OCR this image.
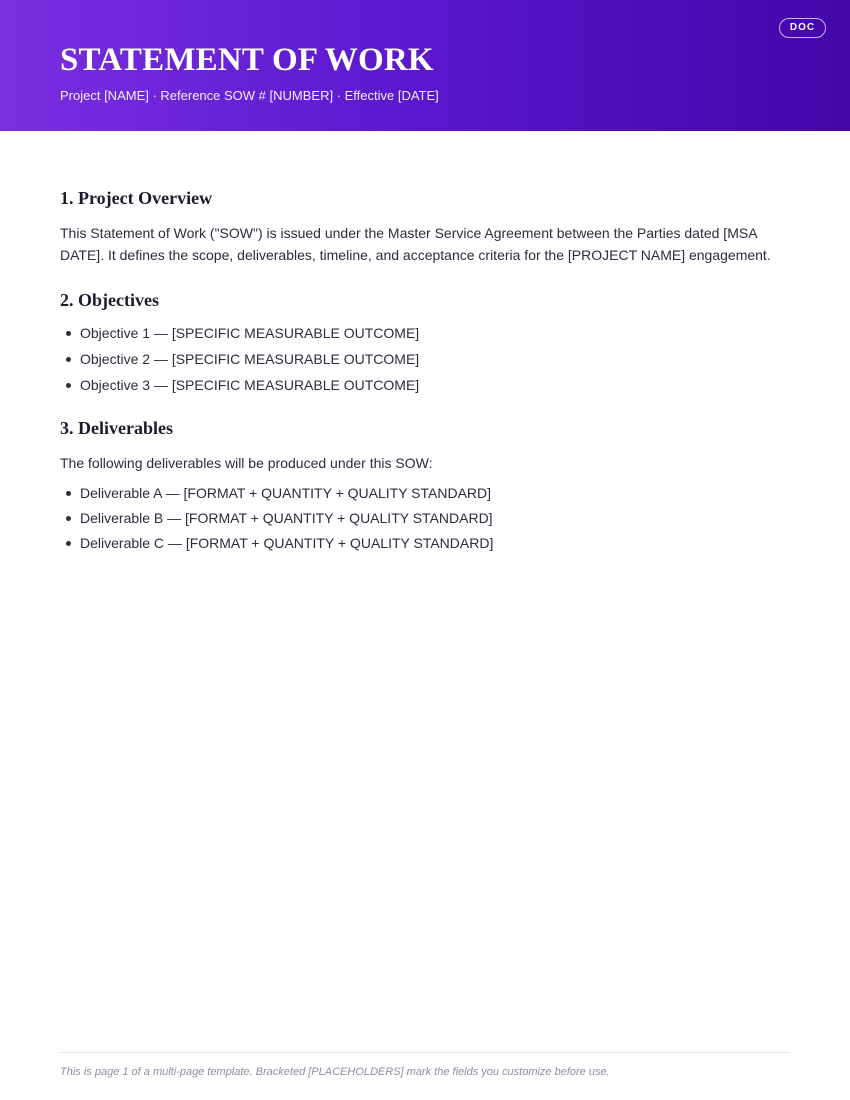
DOC
STATEMENT OF WORK

Project [NAME] · Reference SOW # [NUMBER] · Effective [DATE]

1. Project Overview

This Statement of Work ("SOW") is issued under the Master Service Agreement between the Parties dated [MSA DATE]. It defines the scope, deliverables, timeline, and acceptance criteria for the [PROJECT NAME] engagement.

2. Objectives
Objective 1 — [SPECIFIC MEASURABLE OUTCOME]
Objective 2 — [SPECIFIC MEASURABLE OUTCOME]
Objective 3 — [SPECIFIC MEASURABLE OUTCOME]
3. Deliverables

The following deliverables will be produced under this SOW:

Deliverable A — [FORMAT + QUANTITY + QUALITY STANDARD]
Deliverable B — [FORMAT + QUANTITY + QUALITY STANDARD]
Deliverable C — [FORMAT + QUANTITY + QUALITY STANDARD]
This is page 1 of a multi-page template. Bracketed [PLACEHOLDERS] mark the fields you customize before use.
